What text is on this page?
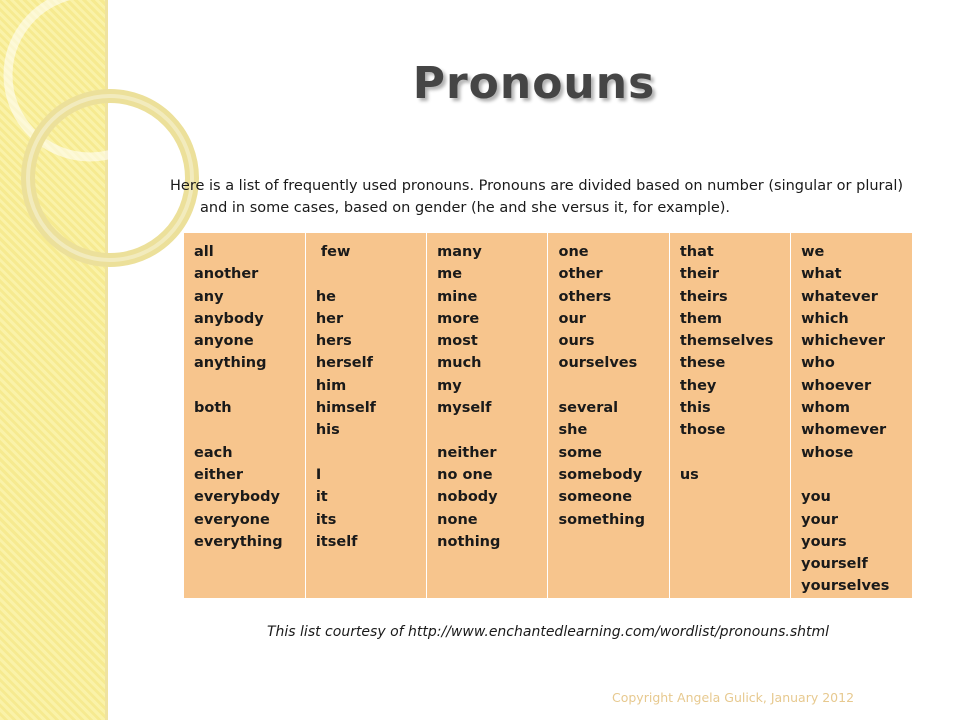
Pronouns
Here is a list of frequently used pronouns. Pronouns are divided based on number (singular or plural) and in some cases, based on gender (he and she versus it, for example).
all
another
any
anybody
anyone
anything
both
each
either
everybody
everyone
everything

few
he
her
hers
herself
him
himself
his
I
it
its
itself

many
me
mine
more
most
much
my
myself
neither
no one
nobody
none
nothing

one
other
others
our
ours
ourselves
several
she
some
somebody
someone
something

that
their
theirs
them
themselves
these
they
this
those
us

we
what
whatever
which
whichever
who
whoever
whom
whomever
whose
you
your
yours
yourself
yourselves
This list courtesy of http://www.enchantedlearning.com/wordlist/pronouns.shtml
Copyright Angela Gulick, January 2012
